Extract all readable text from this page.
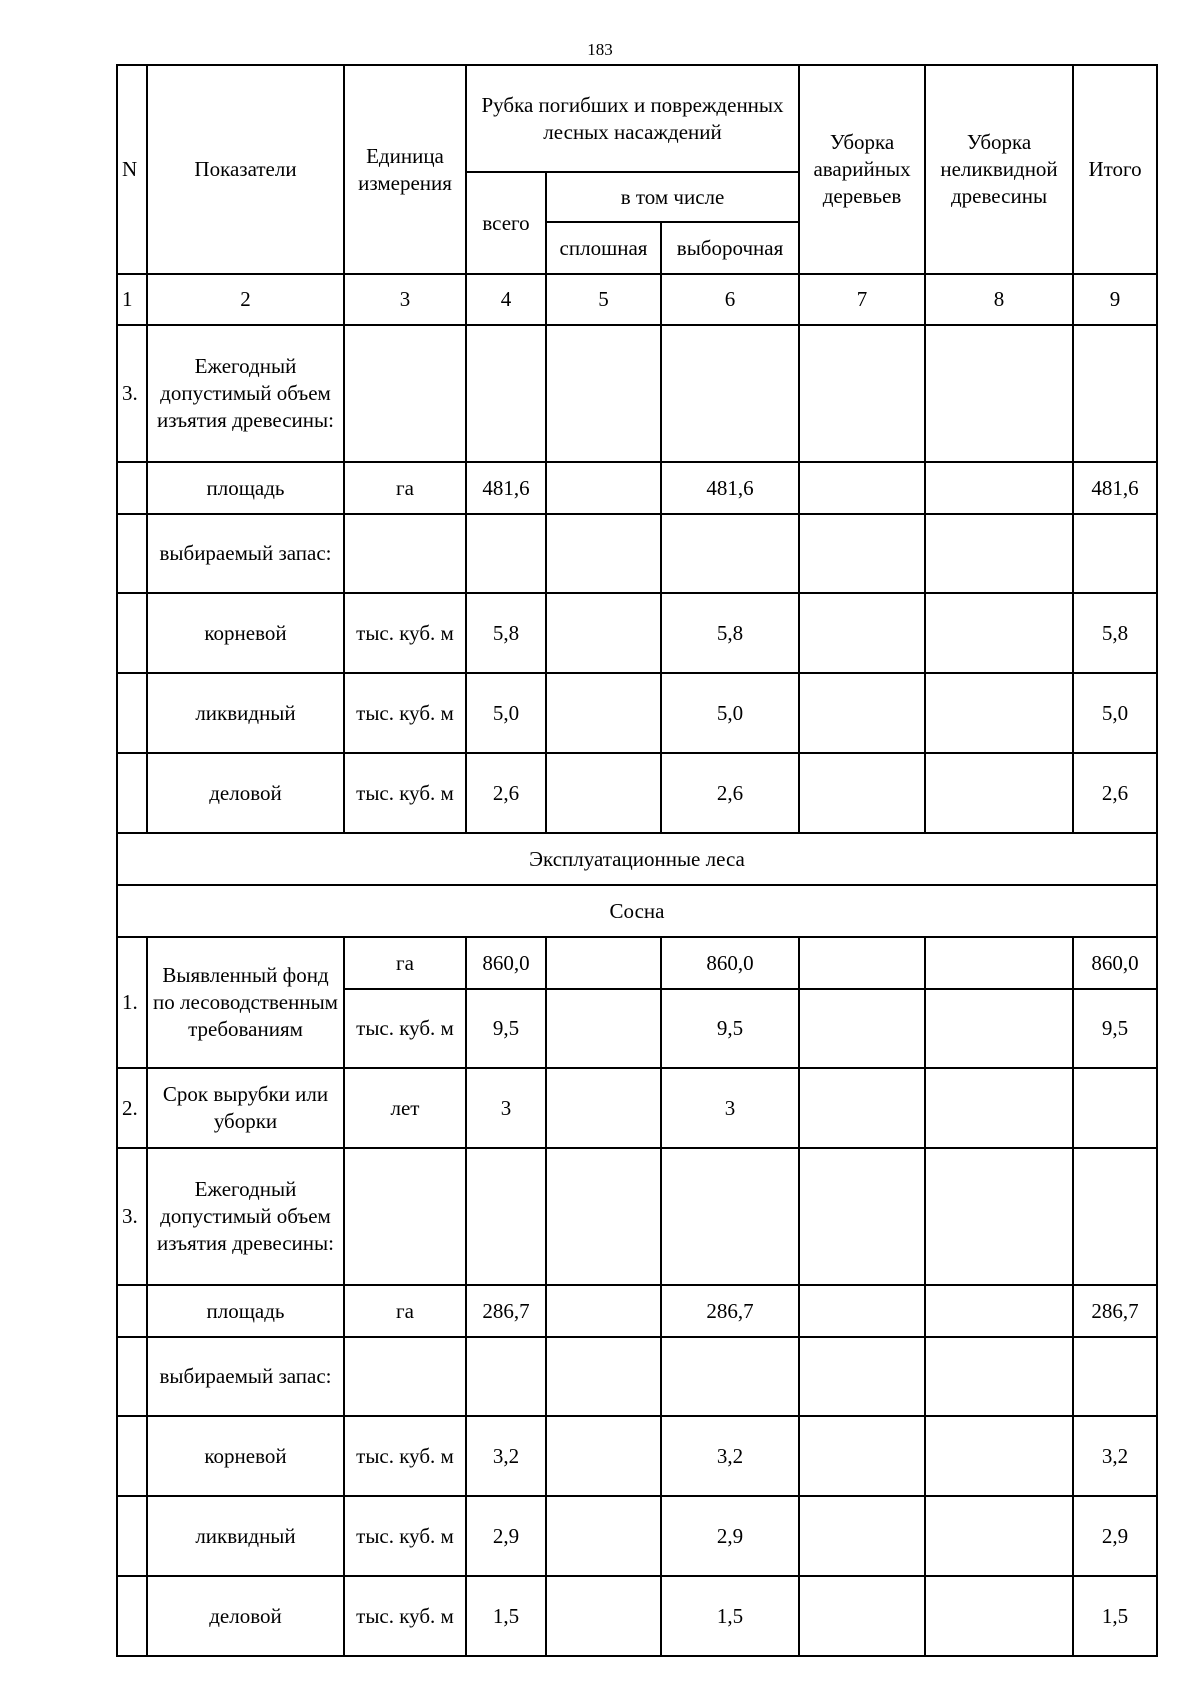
183
N	Показатели	Единица измерения	Рубка погибших и поврежденных лесных насаждений			Уборка аварийных деревьев	Уборка неликвидной древесины	Итого
			всего	в том числе				
				сплошная	выборочная			
1	2	3	4	5	6	7	8	9
3.	Ежегодный допустимый объем изъятия древесины:							
	площадь	га	481,6		481,6			481,6
	выбираемый запас:							
	корневой	тыс. куб. м	5,8		5,8			5,8
	ликвидный	тыс. куб. м	5,0		5,0			5,0
	деловой	тыс. куб. м	2,6		2,6			2,6
Эксплуатационные леса								
Сосна								
1.	Выявленный фонд по лесоводственным требованиям	га	860,0		860,0			860,0
		тыс. куб. м	9,5		9,5			9,5
2.	Срок вырубки или уборки	лет	3		3			
3.	Ежегодный допустимый объем изъятия древесины:							
	площадь	га	286,7		286,7			286,7
	выбираемый запас:							
	корневой	тыс. куб. м	3,2		3,2			3,2
	ликвидный	тыс. куб. м	2,9		2,9			2,9
	деловой	тыс. куб. м	1,5		1,5			1,5
